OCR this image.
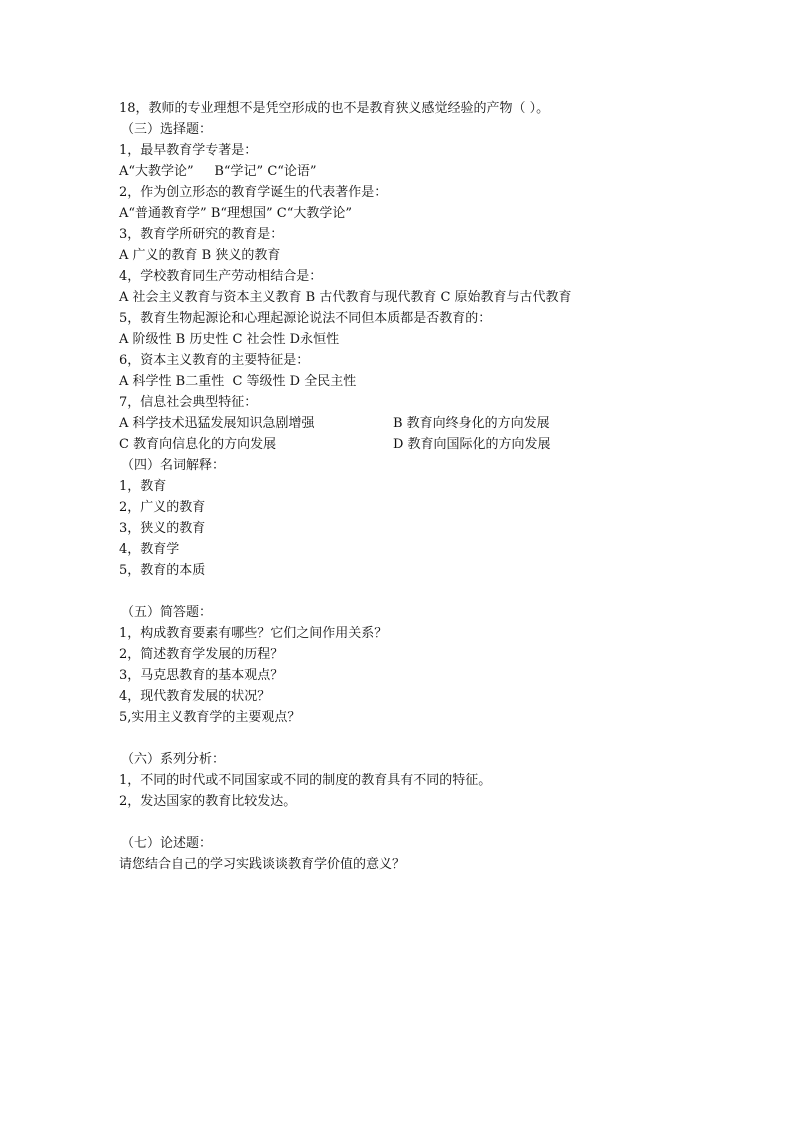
18，教师的专业理想不是凭空形成的也不是教育狭义感觉经验的产物（ ）。
（三）选择题：
1，最早教育学专著是：
A“大教学论”     B“学记” C“论语”
2，作为创立形态的教育学诞生的代表著作是：
A“普通教育学” B“理想国” C“大教学论”
3，教育学所研究的教育是：
A 广义的教育 B 狭义的教育
4，学校教育同生产劳动相结合是：
A 社会主义教育与资本主义教育 B 古代教育与现代教育 C 原始教育与古代教育
5，教育生物起源论和心理起源论说法不同但本质都是否教育的：
A 阶级性 B 历史性 C 社会性 D永恒性
6，资本主义教育的主要特征是：
A 科学性 B二重性  C 等级性 D 全民主性
7，信息社会典型特征：
A 科学技术迅猛发展知识急剧增强	B 教育向终身化的方向发展
C 教育向信息化的方向发展	D 教育向国际化的方向发展
（四）名词解释：
1，教育
2，广义的教育
3，狭义的教育
4，教育学
5，教育的本质
（五）简答题：
1，构成教育要素有哪些？它们之间作用关系？
2，简述教育学发展的历程？
3，马克思教育的基本观点？
4，现代教育发展的状况？
5,实用主义教育学的主要观点？
（六）系列分析：
1，不同的时代或不同国家或不同的制度的教育具有不同的特征。
2，发达国家的教育比较发达。
（七）论述题：
请您结合自己的学习实践谈谈教育学价值的意义？
